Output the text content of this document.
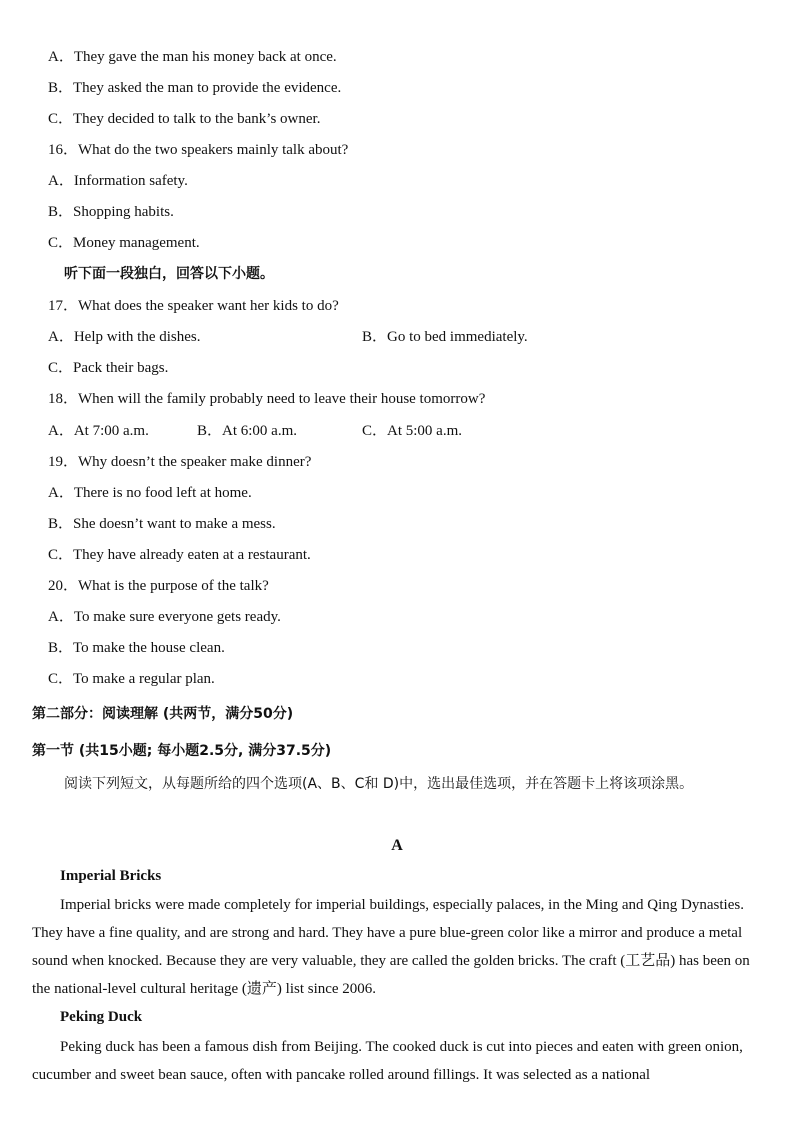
A．They gave the man his money back at once.
B．They asked the man to provide the evidence.
C．They decided to talk to the bank’s owner.
16．What do the two speakers mainly talk about?
A．Information safety.
B．Shopping habits.
C．Money management.
听下面一段独白，回答以下小题。
17．What does the speaker want her kids to do?
A．Help with the dishes.	B．Go to bed immediately.
C．Pack their bags.
18．When will the family probably need to leave their house tomorrow?
A．At 7:00 a.m.	B．At 6:00 a.m.	C．At 5:00 a.m.
19．Why doesn’t the speaker make dinner?
A．There is no food left at home.
B．She doesn’t want to make a mess.
C．They have already eaten at a restaurant.
20．What is the purpose of the talk?
A．To make sure everyone gets ready.
B．To make the house clean.
C．To make a regular plan.
第二部分：阅读理解 (共两节，满分50分)
第一节 (共15小题; 每小题2.5分, 满分37.5分)
阅读下列短文，从每题所给的四个选项(A、B、C和 D)中，选出最佳选项，并在答题卡上将该项涂黑。
A
Imperial Bricks
Imperial bricks were made completely for imperial buildings, especially palaces, in the Ming and Qing Dynasties. They have a fine quality, and are strong and hard. They have a pure blue-green color like a mirror and produce a metal sound when knocked. Because they are very valuable, they are called the golden bricks. The craft (工艺品) has been on the national-level cultural heritage (遗产) list since 2006.
Peking Duck
Peking duck has been a famous dish from Beijing. The cooked duck is cut into pieces and eaten with green onion, cucumber and sweet bean sauce, often with pancake rolled around fillings. It was selected as a national
